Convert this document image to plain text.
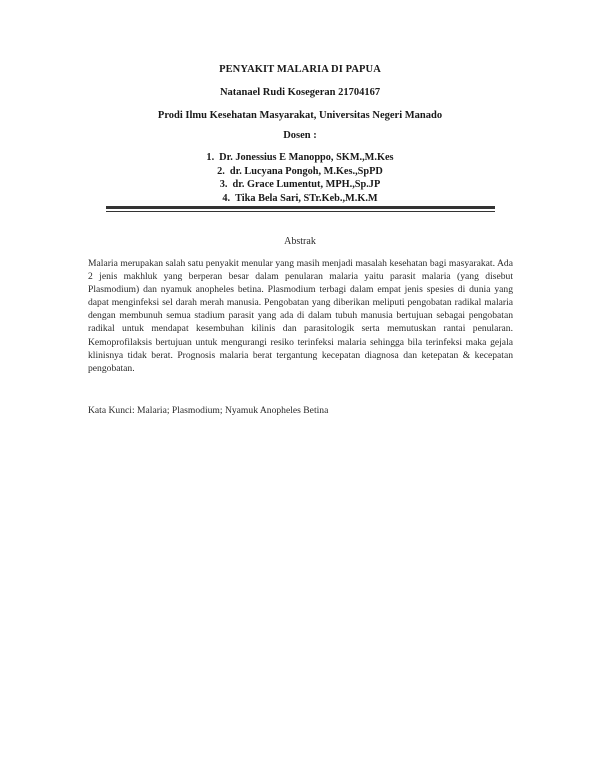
PENYAKIT MALARIA DI PAPUA
Natanael Rudi Kosegeran 21704167
Prodi Ilmu Kesehatan Masyarakat, Universitas Negeri Manado
Dosen :
1. Dr. Jonessius E Manoppo, SKM.,M.Kes
2. dr. Lucyana Pongoh, M.Kes.,SpPD
3. dr. Grace Lumentut, MPH.,Sp.JP
4. Tika Bela Sari, STr.Keb.,M.K.M
Abstrak

Malaria merupakan salah satu penyakit menular yang masih menjadi masalah kesehatan bagi masyarakat. Ada 2 jenis makhluk yang berperan besar dalam penularan malaria yaitu parasit malaria (yang disebut Plasmodium) dan nyamuk anopheles betina. Plasmodium terbagi dalam empat jenis spesies di dunia yang dapat menginfeksi sel darah merah manusia. Pengobatan yang diberikan meliputi pengobatan radikal malaria dengan membunuh semua stadium parasit yang ada di dalam tubuh manusia bertujuan sebagai pengobatan radikal untuk mendapat kesembuhan kilinis dan parasitologik serta memutuskan rantai penularan. Kemoprofilaksis bertujuan untuk mengurangi resiko terinfeksi malaria sehingga bila terinfeksi maka gejala klinisnya tidak berat. Prognosis malaria berat tergantung kecepatan diagnosa dan ketepatan & kecepatan pengobatan.

Kata Kunci: Malaria; Plasmodium; Nyamuk Anopheles Betina
